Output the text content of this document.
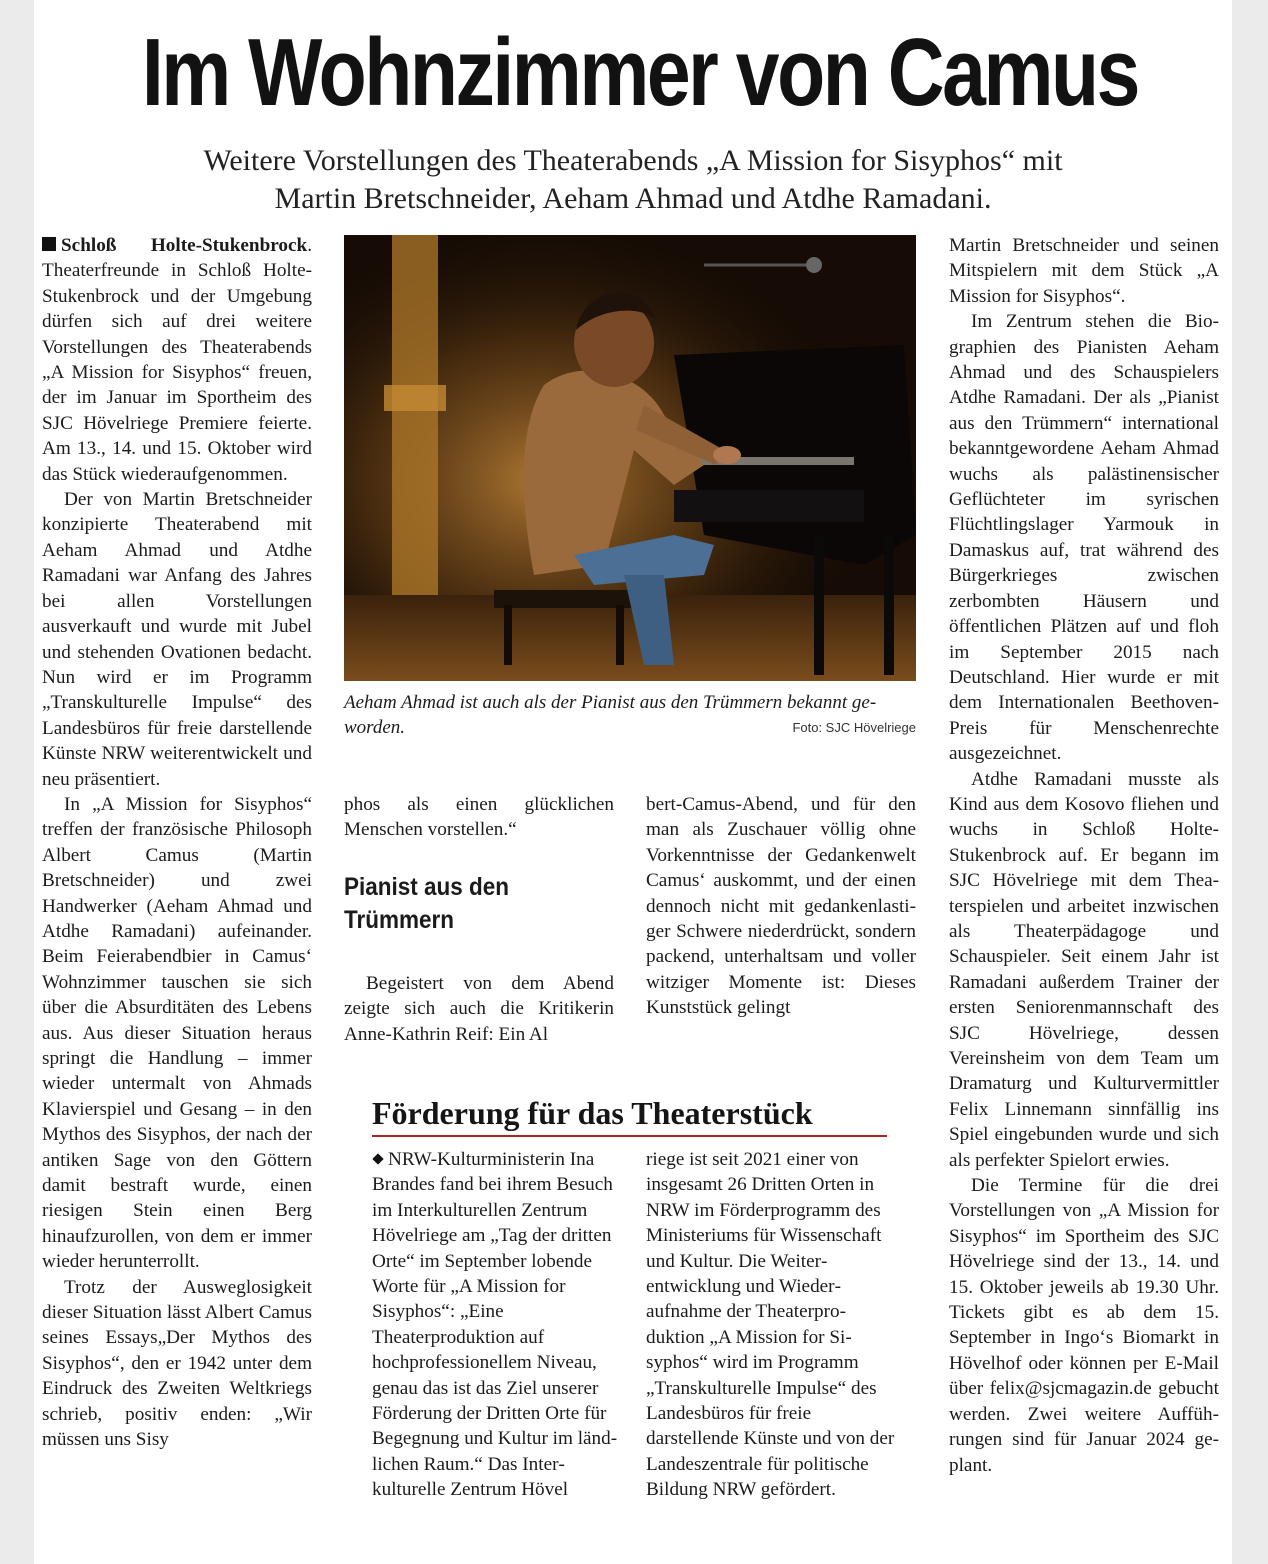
Im Wohnzimmer von Camus
Weitere Vorstellungen des Theaterabends „A Mission for Sisyphos“ mit
Martin Bretschneider, Aeham Ahmad und Atdhe Ramadani.

Schloß Holte-Stukenbrock. Theaterfreunde in Schloß Holte-Stukenbrock und der Umgebung dürfen sich auf drei weitere Vorstellungen des Theaterabends „A Mission for Sisyphos“ freuen, der im Januar im Sportheim des SJC Hövelriege Premiere feierte. Am 13., 14. und 15. Oktober wird das Stück wiederaufgenommen.

Der von Martin Bretschneider konzipierte Theaterabend mit Aeham Ahmad und Atdhe Ramadani war Anfang des Jahres bei allen Vorstellungen ausverkauft und wurde mit Jubel und stehenden Ovationen bedacht. Nun wird er im Programm „Transkulturelle Impulse“ des Landesbüros für freie darstellende Künste NRW weiterentwickelt und neu präsentiert.

In „A Mission for Sisyphos“ treffen der französische Philosoph Albert Camus (Martin Bretschneider) und zwei Handwerker (Aeham Ahmad und Atdhe Ramadani) aufeinander. Beim Feierabendbier in Camus‘ Wohnzimmer tauschen sie sich über die Absurditäten des Lebens aus. Aus dieser Situation heraus springt die Handlung – immer wieder untermalt von Ahmads Klavierspiel und Gesang – in den Mythos des Sisyphos, der nach der antiken Sage von den Göttern damit bestraft wurde, einen riesigen Stein einen Berg hinaufzurollen, von dem er immer wieder herunterrollt.

Trotz der Ausweglosigkeit dieser Situation lässt Albert Camus seines Essays„Der Mythos des Sisyphos“, den er 1942 unter dem Eindruck des Zweiten Weltkriegs schrieb, positiv enden: „Wir müssen uns Sisy

Aeham Ahmad ist auch als der Pianist aus den Trümmern bekannt geworden.	Foto: SJC Hövelriege

phos als einen glücklichen Menschen vorstellen.“

Pianist aus den Trümmern

Begeistert von dem Abend zeigte sich auch die Kritikerin Anne-Kathrin Reif: Ein Al

bert-Camus-Abend, und für den man als Zuschauer völlig ohne Vorkenntnisse der Gedankenwelt Camus‘ auskommt, und der einen dennoch nicht mit gedankenlastiger Schwere niederdrückt, sondern packend, unterhaltsam und voller witziger Momente ist: Dieses Kunststück gelingt

Martin Bretschneider und seinen Mitspielern mit dem Stück „A Mission for Sisyphos“.

Im Zentrum stehen die Biographien des Pianisten Aeham Ahmad und des Schauspielers Atdhe Ramadani. Der als „Pianist aus den Trümmern“ international bekanntgewordene Aeham Ahmad wuchs als palästinensischer Geflüchteter im syrischen Flüchtlingslager Yarmouk in Damaskus auf, trat während des Bürgerkrieges zwischen zerbombten Häusern und öffentlichen Plätzen auf und floh im September 2015 nach Deutschland. Hier wurde er mit dem Internationalen Beethoven-Preis für Menschenrechte ausgezeichnet.

Atdhe Ramadani musste als Kind aus dem Kosovo fliehen und wuchs in Schloß Holte-Stukenbrock auf. Er begann im SJC Hövelriege mit dem Theaterspielen und arbeitet inzwischen als Theaterpädagoge und Schauspieler. Seit einem Jahr ist Ramadani außerdem Trainer der ersten Seniorenmannschaft des SJC Hövelriege, dessen Vereinsheim von dem Team um Dramaturg und Kulturvermittler Felix Linnemann sinnfällig ins Spiel eingebunden wurde und sich als perfekter Spielort erwies.

Die Termine für die drei Vorstellungen von „A Mission for Sisyphos“ im Sportheim des SJC Hövelriege sind der 13., 14. und 15. Oktober jeweils ab 19.30 Uhr. Tickets gibt es ab dem 15. September in Ingo‘s Biomarkt in Hövelhof oder können per E-Mail über felix@sjcmagazin.de gebucht werden. Zwei weitere Aufführungen sind für Januar 2024 geplant.

Förderung für das Theaterstück

NRW-Kulturministerin Ina Brandes fand bei ihrem Besuch im Interkulturellen Zentrum Hövelriege am „Tag der dritten Orte“ im September lobende Worte für „A Mission for Sisyphos“: „Eine Theaterproduktion auf hochprofessionellem Niveau, genau das ist das Ziel unserer Förderung der Dritten Orte für Begegnung und Kultur im ländlichen Raum.“ Das Interkulturelle Zentrum Hövel

riege ist seit 2021 einer von insgesamt 26 Dritten Orten in NRW im Förderprogramm des Ministeriums für Wissenschaft und Kultur. Die Weiterentwicklung und Wiederaufnahme der Theaterproduktion „A Mission for Sisyphos“ wird im Programm „Transkulturelle Impulse“ des Landesbüros für freie darstellende Künste und von der Landeszentrale für politische Bildung NRW gefördert.
